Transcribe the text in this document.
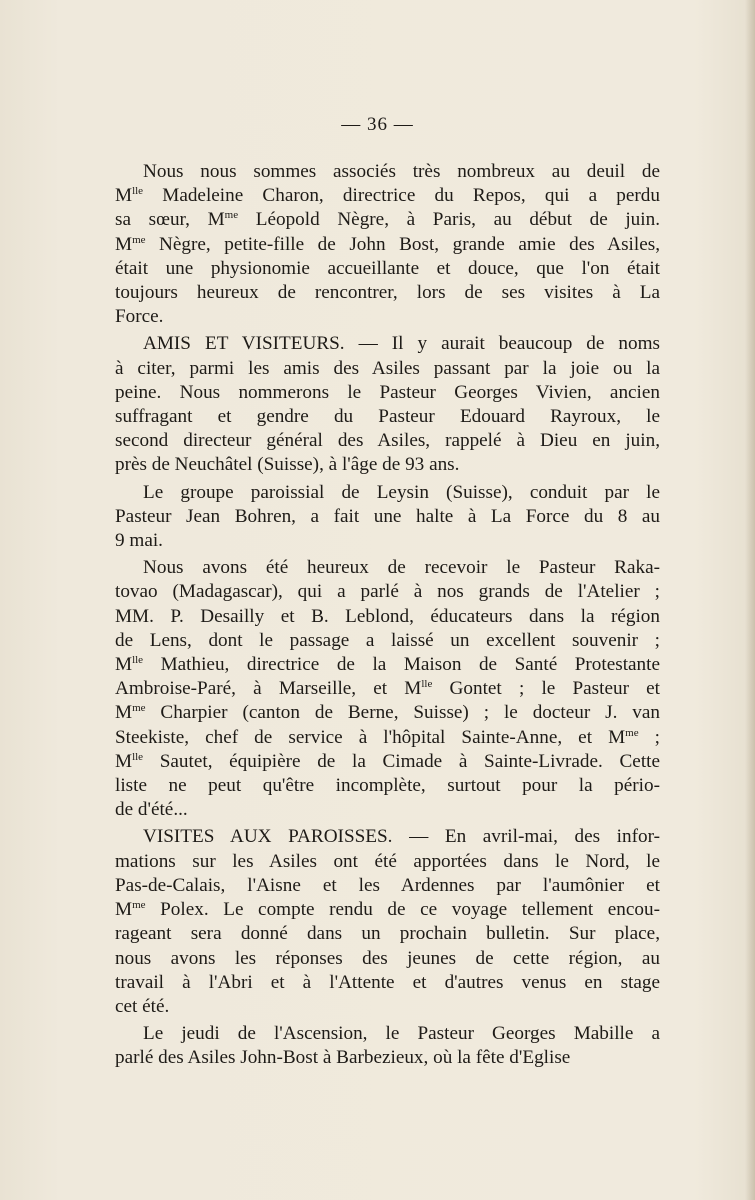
— 36 —
Nous nous sommes associés très nombreux au deuil de
$M^{lle}$ Madeleine Charon, directrice du Repos, qui a perdu
sa sœur, $M^{me}$ Léopold Nègre, à Paris, au début de juin.
$M^{me}$ Nègre, petite-fille de John Bost, grande amie des Asiles,
était une physionomie accueillante et douce, que l'on était
toujours heureux de rencontrer, lors de ses visites à La
Force.
AMIS ET VISITEURS. — Il y aurait beaucoup de noms
à citer, parmi les amis des Asiles passant par la joie ou la
peine. Nous nommerons le Pasteur Georges Vivien, ancien
suffragant et gendre du Pasteur Edouard Rayroux, le
second directeur général des Asiles, rappelé à Dieu en juin,
près de Neuchâtel (Suisse), à l'âge de 93 ans.
Le groupe paroissial de Leysin (Suisse), conduit par le
Pasteur Jean Bohren, a fait une halte à La Force du 8 au
9 mai.
Nous avons été heureux de recevoir le Pasteur Raka-
tovao (Madagascar), qui a parlé à nos grands de l'Atelier ;
MM. P. Desailly et B. Leblond, éducateurs dans la région
de Lens, dont le passage a laissé un excellent souvenir ;
$M^{lle}$ Mathieu, directrice de la Maison de Santé Protestante
Ambroise-Paré, à Marseille, et $M^{lle}$ Gontet ; le Pasteur et
$M^{me}$ Charpier (canton de Berne, Suisse) ; le docteur J. van
Steekiste, chef de service à l'hôpital Sainte-Anne, et $M^{me}$ ;
$M^{lle}$ Sautet, équipière de la Cimade à Sainte-Livrade. Cette
liste ne peut qu'être incomplète, surtout pour la pério-
de d'été...
VISITES AUX PAROISSES. — En avril-mai, des infor-
mations sur les Asiles ont été apportées dans le Nord, le
Pas-de-Calais, l'Aisne et les Ardennes par l'aumônier et
$M^{me}$ Polex. Le compte rendu de ce voyage tellement encou-
rageant sera donné dans un prochain bulletin. Sur place,
nous avons les réponses des jeunes de cette région, au
travail à l'Abri et à l'Attente et d'autres venus en stage
cet été.
Le jeudi de l'Ascension, le Pasteur Georges Mabille a
parlé des Asiles John-Bost à Barbezieux, où la fête d'Eglise
